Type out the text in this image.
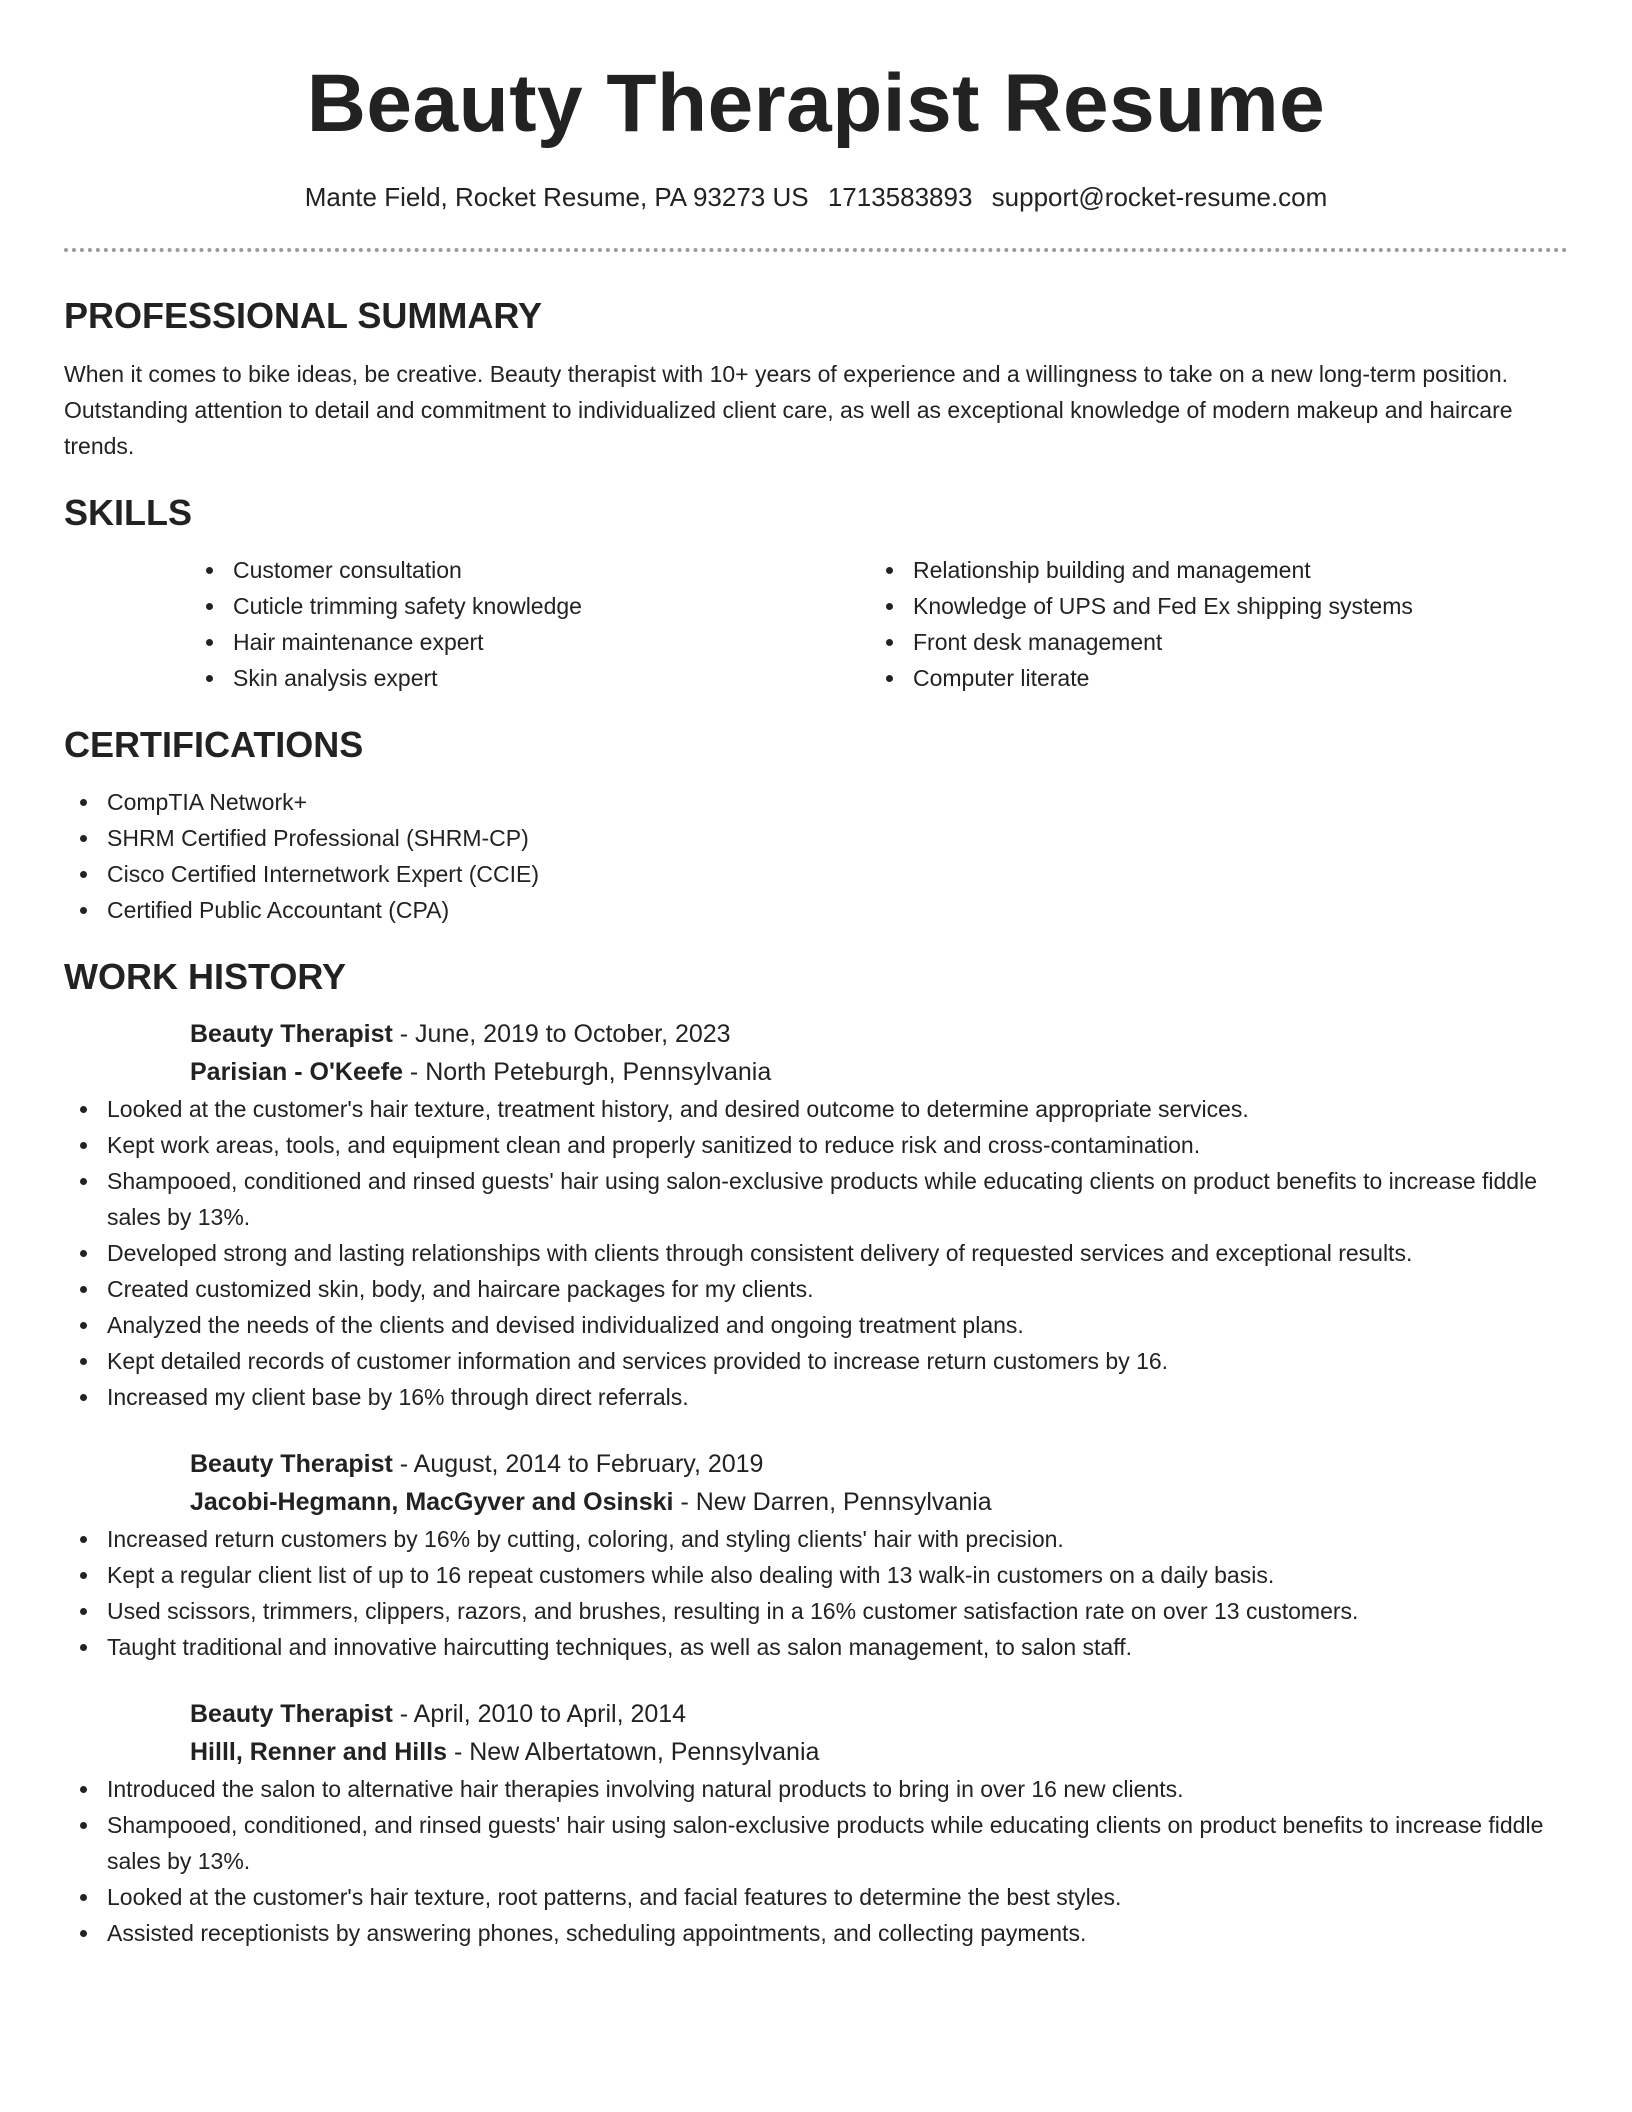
Beauty Therapist Resume
Mante Field, Rocket Resume, PA 93273 US 1713583893 support@rocket-resume.com
PROFESSIONAL SUMMARY

When it comes to bike ideas, be creative. Beauty therapist with 10+ years of experience and a willingness to take on a new long-term position. Outstanding attention to detail and commitment to individualized client care, as well as exceptional knowledge of modern makeup and haircare trends.

SKILLS
Customer consultation
Cuticle trimming safety knowledge
Hair maintenance expert
Skin analysis expert
Relationship building and management
Knowledge of UPS and Fed Ex shipping systems
Front desk management
Computer literate
CERTIFICATIONS
CompTIA Network+
SHRM Certified Professional (SHRM-CP)
Cisco Certified Internetwork Expert (CCIE)
Certified Public Accountant (CPA)
WORK HISTORY
Beauty Therapist - June, 2019 to October, 2023
Parisian - O'Keefe - North Peteburgh, Pennsylvania
Looked at the customer's hair texture, treatment history, and desired outcome to determine appropriate services.
Kept work areas, tools, and equipment clean and properly sanitized to reduce risk and cross-contamination.
Shampooed, conditioned and rinsed guests' hair using salon-exclusive products while educating clients on product benefits to increase fiddle sales by 13%.
Developed strong and lasting relationships with clients through consistent delivery of requested services and exceptional results.
Created customized skin, body, and haircare packages for my clients.
Analyzed the needs of the clients and devised individualized and ongoing treatment plans.
Kept detailed records of customer information and services provided to increase return customers by 16.
Increased my client base by 16% through direct referrals.
Beauty Therapist - August, 2014 to February, 2019
Jacobi-Hegmann, MacGyver and Osinski - New Darren, Pennsylvania
Increased return customers by 16% by cutting, coloring, and styling clients' hair with precision.
Kept a regular client list of up to 16 repeat customers while also dealing with 13 walk-in customers on a daily basis.
Used scissors, trimmers, clippers, razors, and brushes, resulting in a 16% customer satisfaction rate on over 13 customers.
Taught traditional and innovative haircutting techniques, as well as salon management, to salon staff.
Beauty Therapist - April, 2010 to April, 2014
Hilll, Renner and Hills - New Albertatown, Pennsylvania
Introduced the salon to alternative hair therapies involving natural products to bring in over 16 new clients.
Shampooed, conditioned, and rinsed guests' hair using salon-exclusive products while educating clients on product benefits to increase fiddle sales by 13%.
Looked at the customer's hair texture, root patterns, and facial features to determine the best styles.
Assisted receptionists by answering phones, scheduling appointments, and collecting payments.
